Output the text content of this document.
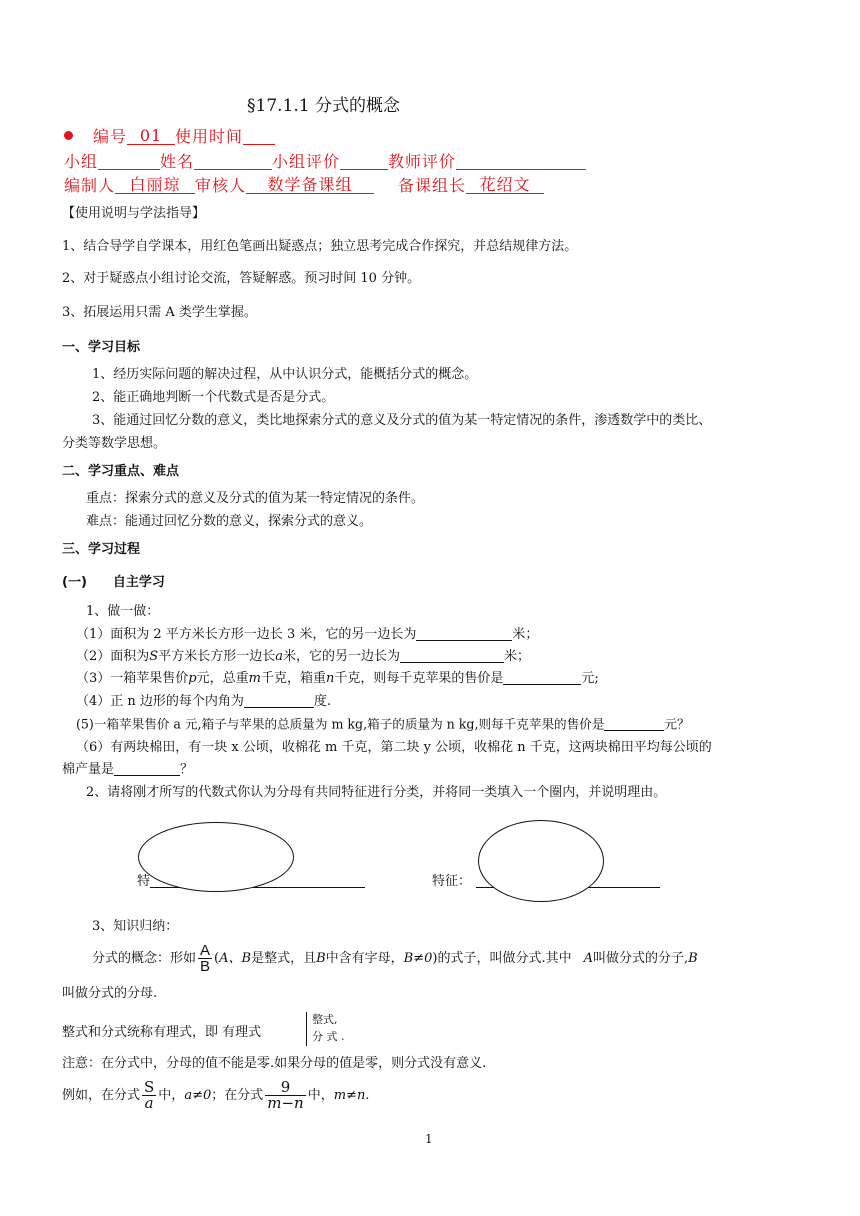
§17.1.1 分式的概念
编号 01 使用时间
小组	姓名	小组评价	教师评价
编制人 白丽琼 审核人 数学备课组	备课组长 花绍文
【使用说明与学法指导】
1、结合导学自学课本，用红色笔画出疑惑点；独立思考完成合作探究，并总结规律方法。
2、对于疑惑点小组讨论交流，答疑解惑。预习时间 10 分钟。
3、拓展运用只需 A 类学生掌握。
一、学习目标
1、经历实际问题的解决过程，从中认识分式，能概括分式的概念。
2、能正确地判断一个代数式是否是分式。
3、能通过回忆分数的意义，类比地探索分式的意义及分式的值为某一特定情况的条件，渗透数学中的类比、
分类等数学思想。
二、学习重点、难点
重点：探索分式的意义及分式的值为某一特定情况的条件。
难点：能通过回忆分数的意义，探索分式的意义。
三、学习过程
(一) 自主学习
1、做一做：
（1）面积为 2 平方米长方形一边长 3 米，它的另一边长为	米；
（2）面积为S平方米长方形一边长a米，它的另一边长为	米；
（3）一箱苹果售价p元，总重m千克，箱重n千克，则每千克苹果的售价是	元;
（4）正 n 边形的每个内角为	度.
(5)一箱苹果售价 a 元,箱子与苹果的总质量为 m kg,箱子的质量为 n kg,则每千克苹果的售价是	元？
（6）有两块棉田，有一块 x 公顷，收棉花 m 千克，第二块 y 公顷，收棉花 n 千克，这两块棉田平均每公顷的
棉产量是	？
2、请将刚才所写的代数式你认为分母有共同特征进行分类，并将同一类填入一个圈内，并说明理由。
特	特征：
3、知识归纳：
分式的概念：形如 $\frac{A}{B} (A$、B是整式，且B中含有字母，B≠0)的式子，叫做分式.其中 A叫做分式的分子,B
叫做分式的分母.
整式和分式统称有理式，即 有理式
整式,
分 式 .
注意：在分式中，分母的值不能是零.如果分母的值是零，则分式没有意义.
例如，在分式 $\frac{S}{a}$ 中，a≠0；在分式 $\frac{9}{m-n}$ 中，m≠n.
1
